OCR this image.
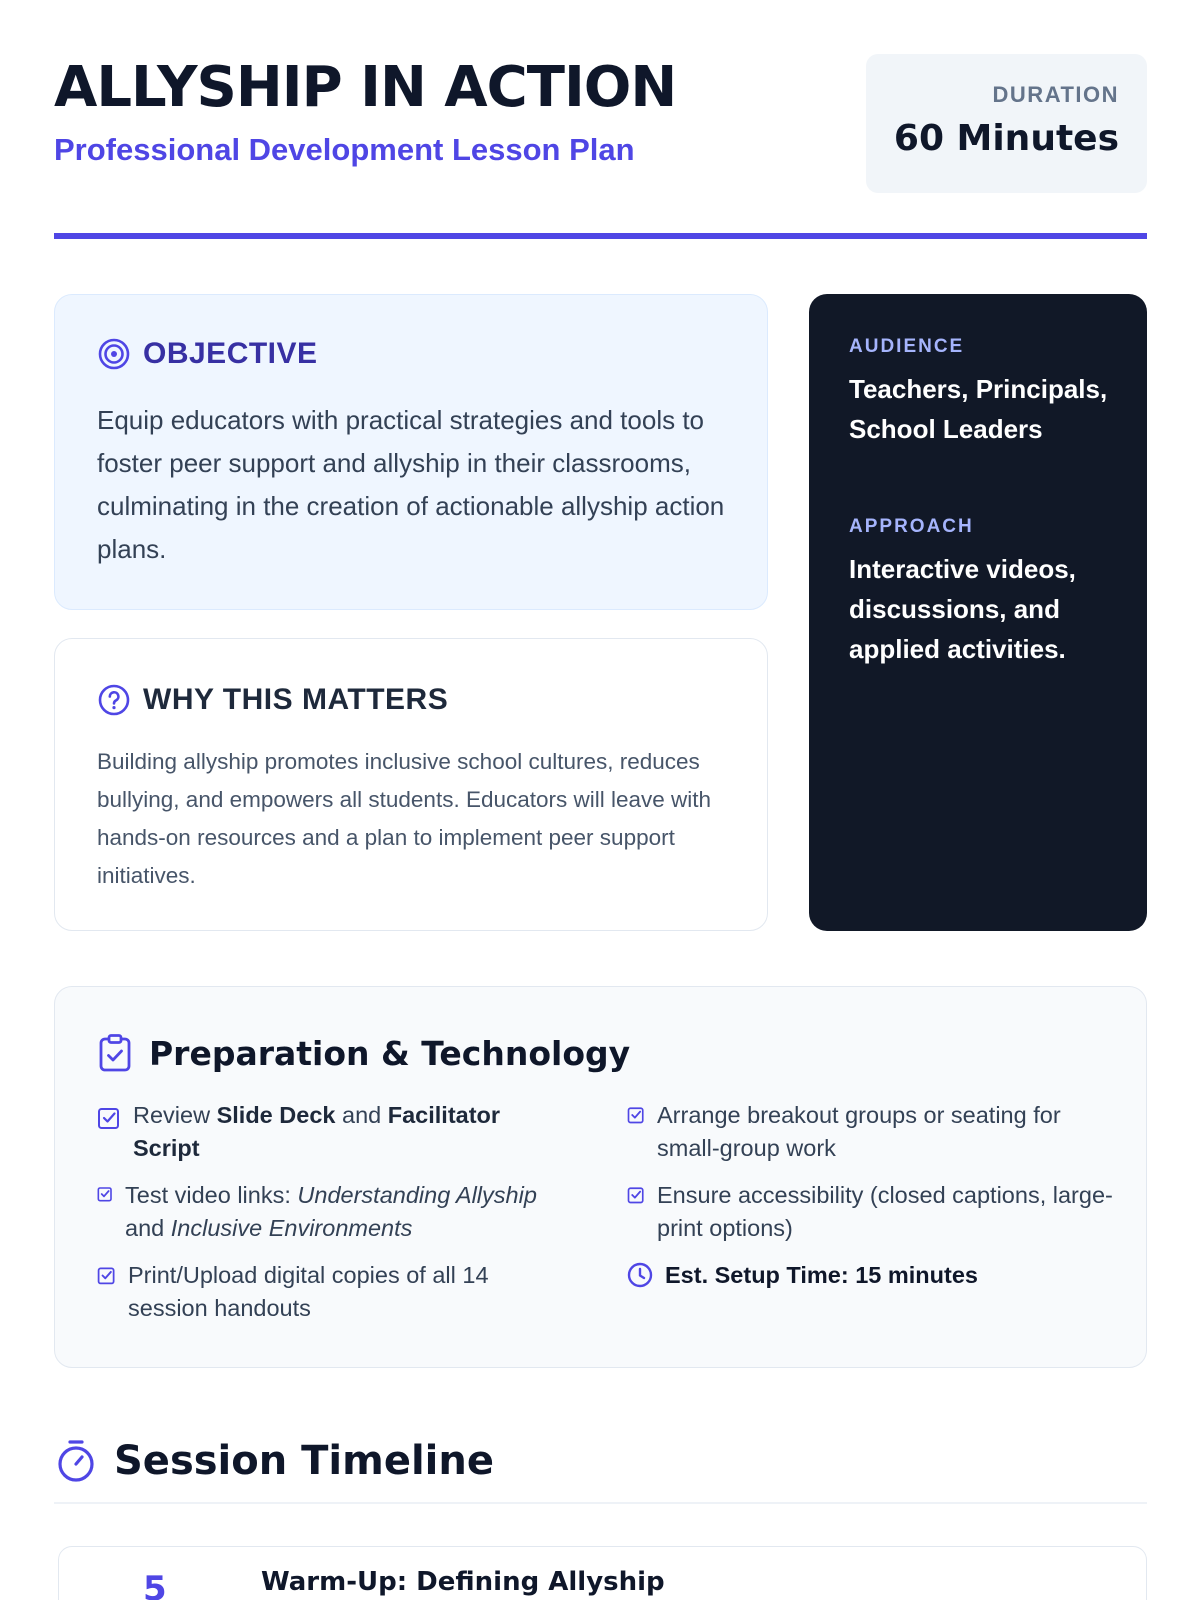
ALLYSHIP IN ACTION
Professional Development Lesson Plan
DURATION
60 Minutes
OBJECTIVE

Equip educators with practical strategies and tools to foster peer support and allyship in their classrooms, culminating in the creation of actionable allyship action plans.

WHY THIS MATTERS

Building allyship promotes inclusive school cultures, reduces bullying, and empowers all students. Educators will leave with hands-on resources and a plan to implement peer support initiatives.

AUDIENCE
Teachers, Principals, School Leaders
APPROACH
Interactive videos, discussions, and applied activities.
Preparation & Technology
Review Slide Deck and Facilitator Script
Test video links: Understanding Allyship and Inclusive Environments
Print/Upload digital copies of all 14 session handouts
Arrange breakout groups or seating for small-group work
Ensure accessibility (closed captions, large-print options)
Est. Setup Time: 15 minutes
Session Timeline
5	Warm-Up: Defining Allyship
